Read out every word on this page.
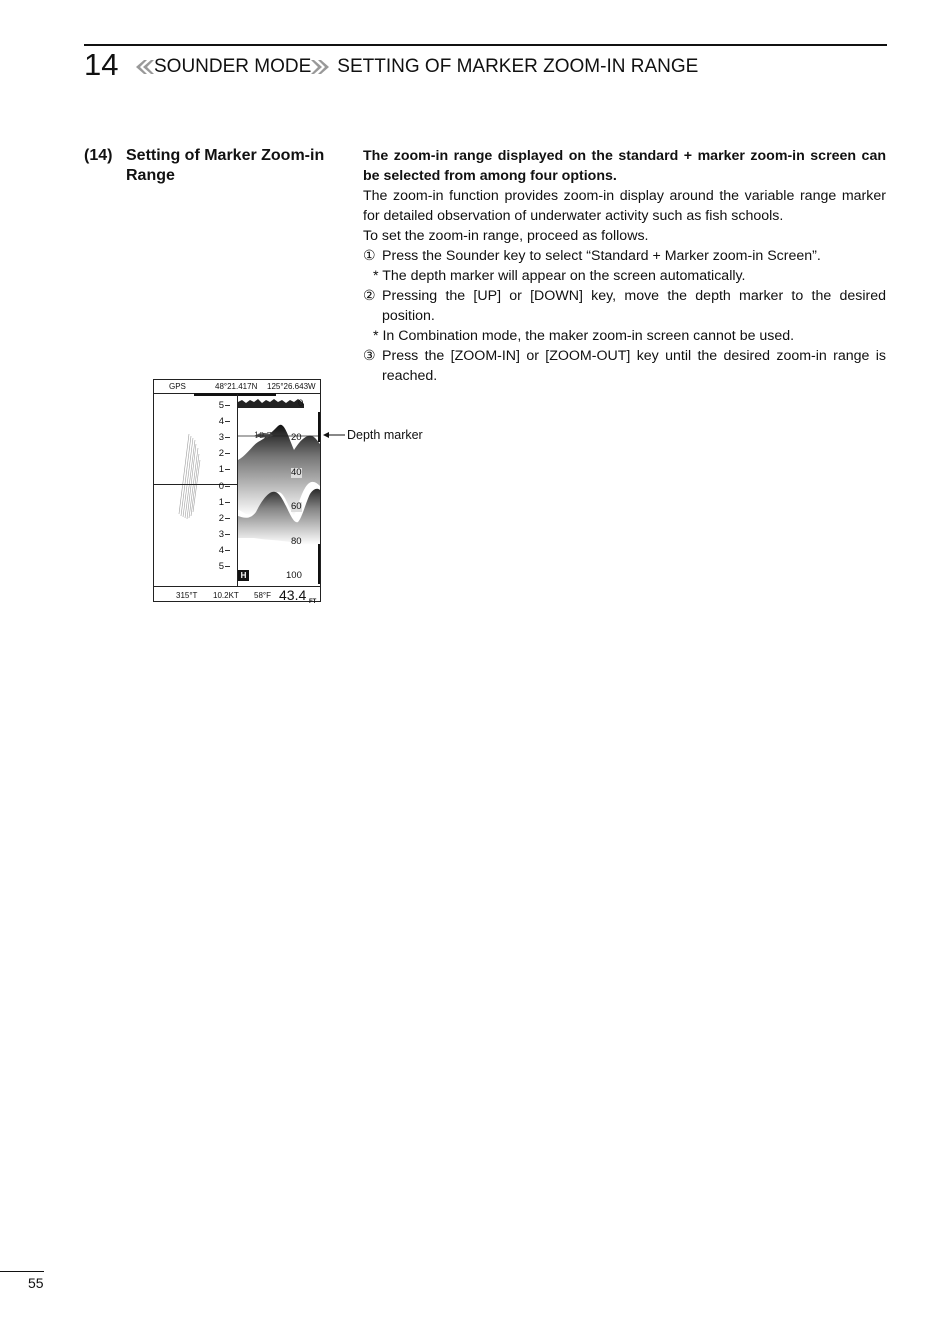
14 SOUNDER MODE SETTING OF MARKER ZOOM-IN RANGE
(14) Setting of Marker Zoom-in Range

The zoom-in range displayed on the standard + marker zoom-in screen can be selected from among four options.

The zoom-in function provides zoom-in display around the variable range marker for detailed observation of underwater activity such as fish schools.

To set the zoom-in range, proceed as follows.

① Press the Sounder key to select “Standard + Marker zoom-in Screen”.

* The depth marker will appear on the screen automatically.

② Pressing the [UP] or [DOWN] key, move the depth marker to the desired position.

* In Combination mode, the maker zoom-in screen cannot be used.

③ Press the [ZOOM-IN] or [ZOOM-OUT] key until the desired zoom-in range is reached.

GPS	48°21.417N 125°26.643W
5
4
3
2
1
0
1
2
3
4
5
19.7
0
20
40
60
80
100
H
315°T 10.2KT 58°F 43.4 FT
Depth marker
55
